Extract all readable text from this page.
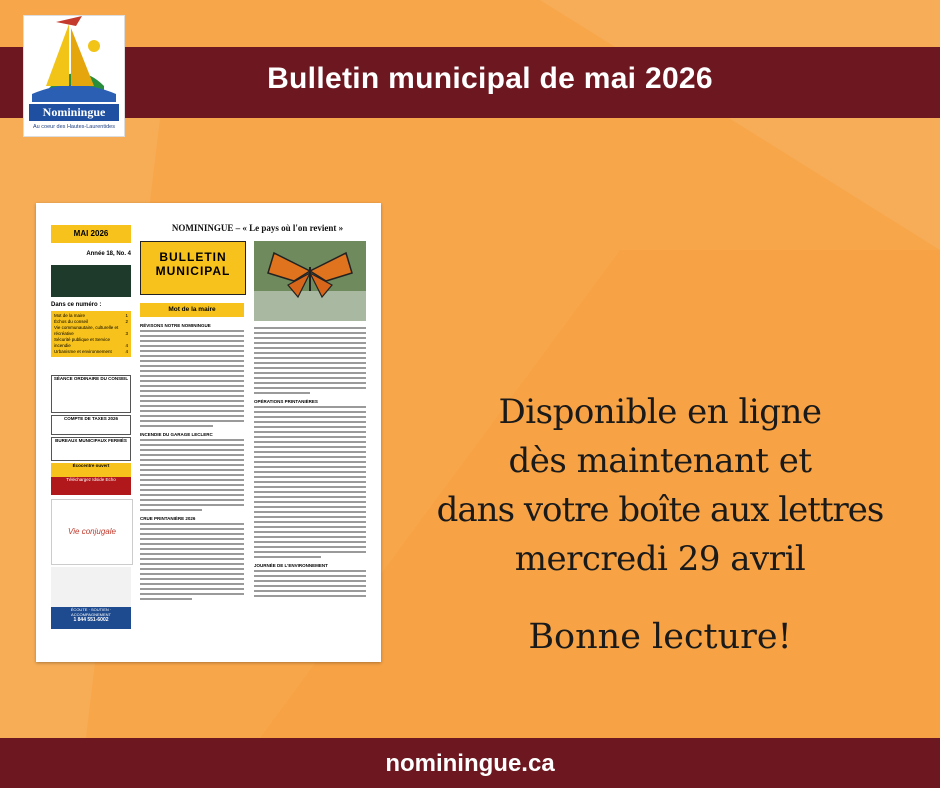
Bulletin municipal de mai 2026
Nominingue
Au coeur des Hautes-Laurentides
NOMININGUE – « Le pays où l'on revient »
MAI 2026
Année 18, No. 4
Dans ce numéro :
Mot de la maire	1
Échos du conseil	2
Vie communautaire, culturelle et récréative	3
Sécurité publique et Service incendie	4
Urbanisme et environnement	4
SÉANCE ORDINAIRE DU CONSEIL
COMPTE DE TAXES 2026
BUREAUX MUNICIPAUX FERMÉS
Écocentre ouvert
Téléchargez Idside Echo
Vie conjugale
ÉCOUTE · SOUTIEN · ACCOMPAGNEMENT
1 844 551-6002
BULLETIN
MUNICIPAL
Mot de la maire
RÉVISONS NOTRE NOMININGUE
INCENDIE DU GARAGE LECLERC
CRUE PRINTANIÈRE 2026
OPÉRATIONS PRINTANIÈRES
JOURNÉE DE L'ENVIRONNEMENT
Disponible en ligne
dès maintenant et
dans votre boîte aux lettres
mercredi 29 avril
Bonne lecture!
nominingue.ca
